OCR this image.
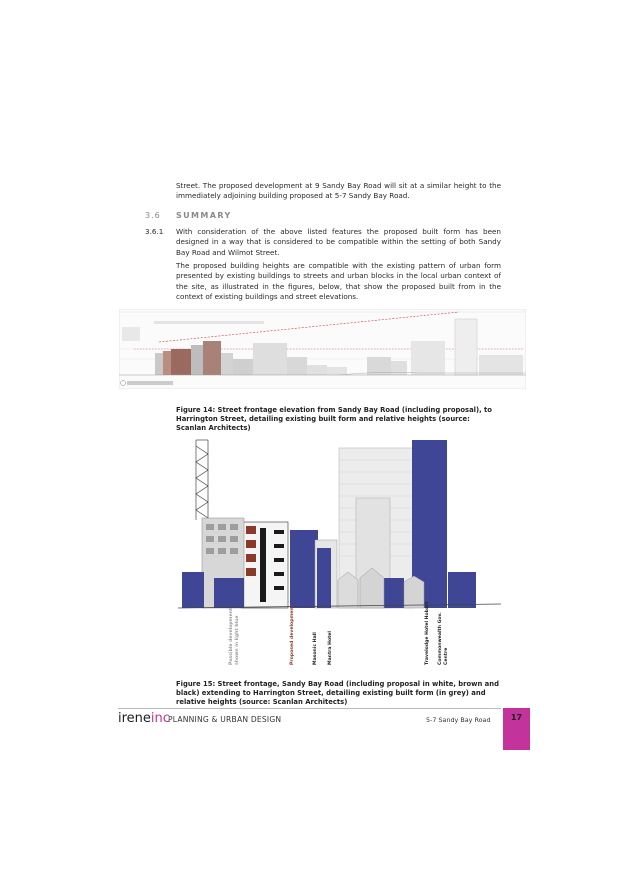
Street. The proposed development at 9 Sandy Bay Road will sit at a similar height to the immediately adjoining building proposed at 5-7 Sandy Bay Road.
3.6 SUMMARY
3.6.1 With consideration of the above listed features the proposed built form has been designed in a way that is considered to be compatible within the setting of both Sandy Bay Road and Wilmot Street.
The proposed building heights are compatible with the existing pattern of urban form presented by existing buildings to streets and urban blocks in the local urban context of the site, as illustrated in the figures, below, that show the proposed built from in the context of existing buildings and street elevations.
Figure 14: Street frontage elevation from Sandy Bay Road (including proposal), to Harrington Street, detailing existing built form and relative heights (source: Scanlan Architects)
Possible development shown in light blue	Proposed development	Masonic Hall Mantra Hotel	Travelodge Hotel Hobart Commonwealth Gov. Centre
Figure 15: Street frontage, Sandy Bay Road (including proposal in white, brown and black) extending to Harrington Street, detailing existing built form (in grey) and relative heights (source: Scanlan Architects)
ireneinc
PLANNING & URBAN DESIGN	5-7 Sandy Bay Road	17
